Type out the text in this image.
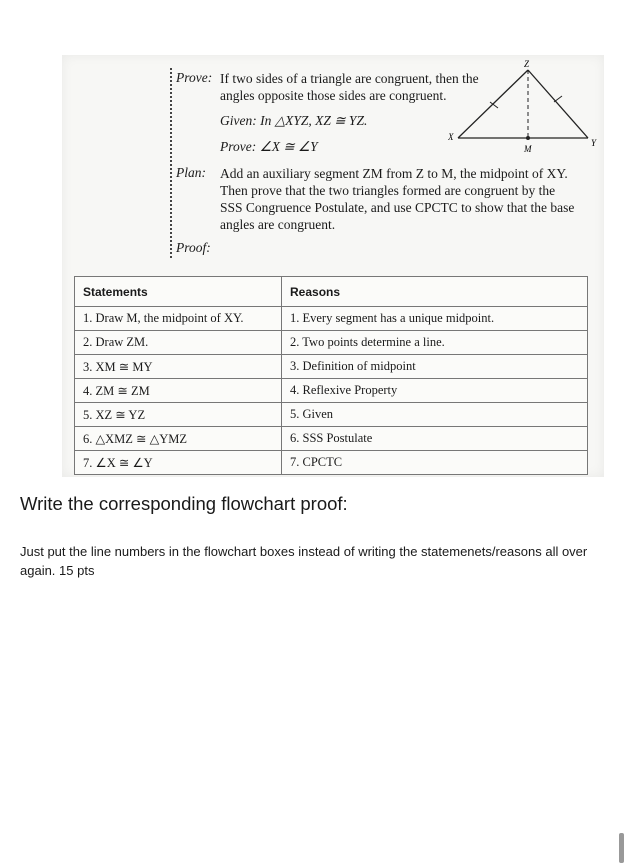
Prove: If two sides of a triangle are congruent, then the
angles opposite those sides are congruent.
Given: In △XYZ, XZ ≅ YZ.
Prove: ∠X ≅ ∠Y
Plan: Add an auxiliary segment ZM from Z to M, the midpoint of XY.
Then prove that the two triangles formed are congruent by the
SSS Congruence Postulate, and use CPCTC to show that the base
angles are congruent.
Proof:
Z
X
Y
M
Statements	Reasons
1. Draw M, the midpoint of XY.	1. Every segment has a unique midpoint.
2. Draw ZM.	2. Two points determine a line.
3. XM ≅ MY	3. Definition of midpoint
4. ZM ≅ ZM	4. Reflexive Property
5. XZ ≅ YZ	5. Given
6. △XMZ ≅ △YMZ	6. SSS Postulate
7. ∠X ≅ ∠Y	7. CPCTC
Write the corresponding flowchart proof:
Just put the line numbers in the flowchart boxes instead of writing the statemenets/reasons all over again. 15 pts
